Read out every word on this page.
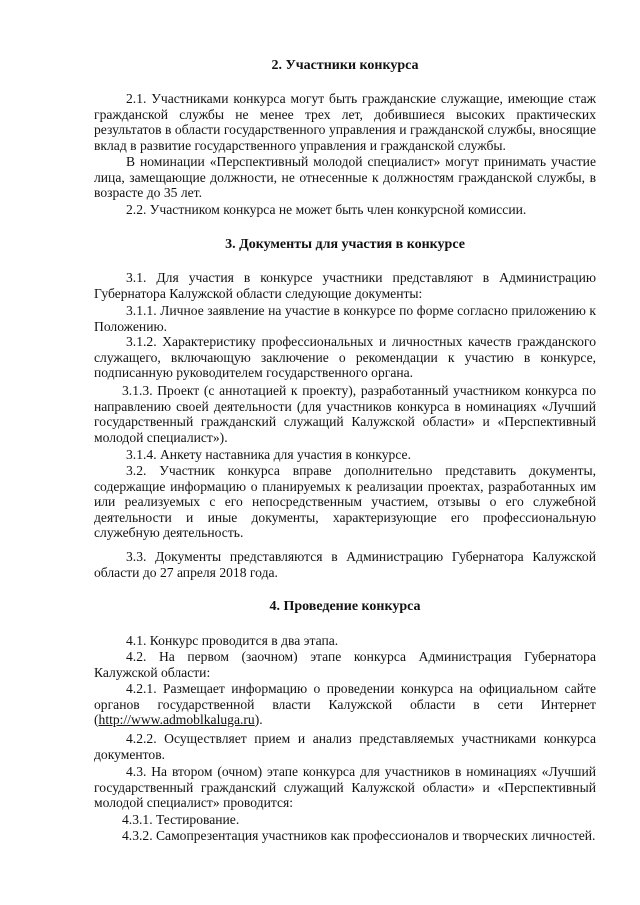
2. Участники конкурса

2.1. Участниками конкурса могут быть гражданские служащие, имеющие стаж гражданской службы не менее трех лет, добившиеся высоких практических результатов в области государственного управления и гражданской службы, вносящие вклад в развитие государственного управления и гражданской службы.

В номинации «Перспективный молодой специалист» могут принимать участие лица, замещающие должности, не отнесенные к должностям гражданской службы, в возрасте до 35 лет.

2.2. Участником конкурса не может быть член конкурсной комиссии.

3. Документы для участия в конкурсе

3.1. Для участия в конкурсе участники представляют в Администрацию Губернатора Калужской области следующие документы:

3.1.1. Личное заявление на участие в конкурсе по форме согласно приложению к Положению.

3.1.2. Характеристику профессиональных и личностных качеств гражданского служащего, включающую заключение о рекомендации к участию в конкурсе, подписанную руководителем государственного органа.

3.1.3. Проект (с аннотацией к проекту), разработанный участником конкурса по направлению своей деятельности (для участников конкурса в номинациях «Лучший государственный гражданский служащий Калужской области» и «Перспективный молодой специалист»).

3.1.4. Анкету наставника для участия в конкурсе.

3.2. Участник конкурса вправе дополнительно представить документы, содержащие информацию о планируемых к реализации проектах, разработанных им или реализуемых с его непосредственным участием, отзывы о его служебной деятельности и иные документы, характеризующие его профессиональную служебную деятельность.

3.3. Документы представляются в Администрацию Губернатора Калужской области до 27 апреля 2018 года.

4. Проведение конкурса

4.1. Конкурс проводится в два этапа.

4.2. На первом (заочном) этапе конкурса Администрация Губернатора Калужской области:

4.2.1. Размещает информацию о проведении конкурса на официальном сайте органов государственной власти Калужской области в сети Интернет (http://www.admoblkaluga.ru).

4.2.2. Осуществляет прием и анализ представляемых участниками конкурса документов.

4.3. На втором (очном) этапе конкурса для участников в номинациях «Лучший государственный гражданский служащий Калужской области» и «Перспективный молодой специалист» проводится:

4.3.1. Тестирование.

4.3.2. Самопрезентация участников как профессионалов и творческих личностей.
